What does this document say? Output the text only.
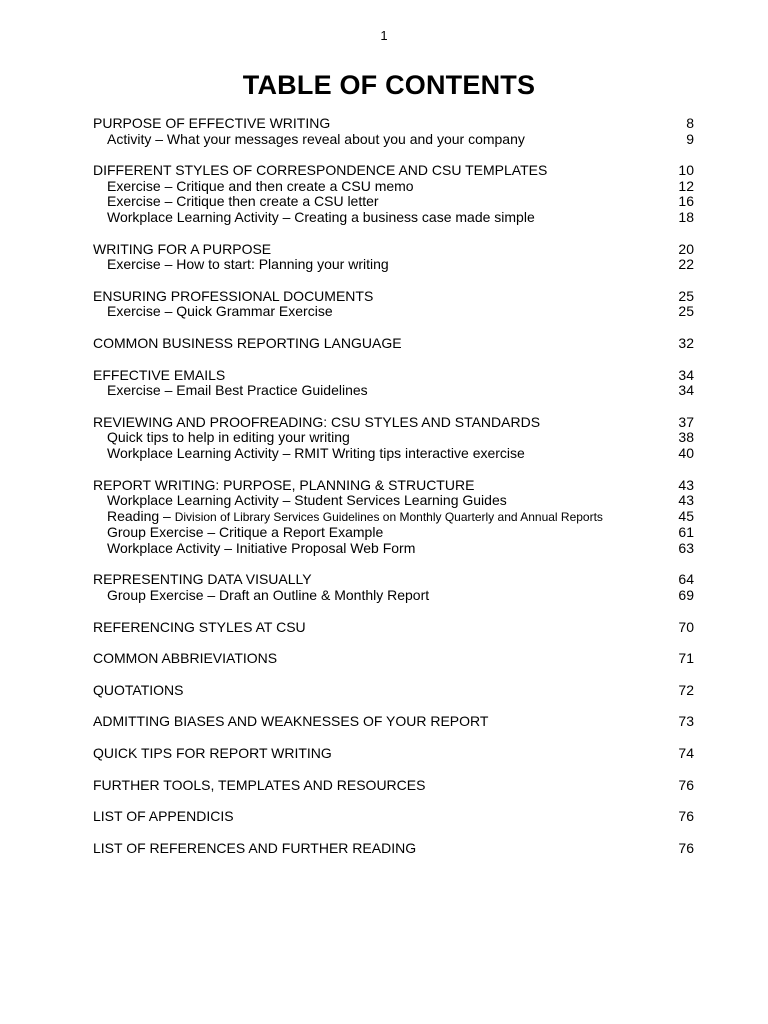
1
TABLE OF CONTENTS
PURPOSE OF EFFECTIVE WRITING	8
Activity – What your messages reveal about you and your company	9
DIFFERENT STYLES OF CORRESPONDENCE AND CSU TEMPLATES	10
Exercise – Critique and then create a CSU memo	12
Exercise – Critique then create a CSU letter	16
Workplace Learning Activity – Creating a business case made simple	18
WRITING FOR A PURPOSE	20
Exercise – How to start: Planning your writing	22
ENSURING PROFESSIONAL DOCUMENTS	25
Exercise – Quick Grammar Exercise	25
COMMON BUSINESS REPORTING LANGUAGE	32
EFFECTIVE EMAILS	34
Exercise – Email Best Practice Guidelines	34
REVIEWING AND PROOFREADING: CSU STYLES AND STANDARDS	37
Quick tips to help in editing your writing	38
Workplace Learning Activity – RMIT Writing tips interactive exercise	40
REPORT WRITING: PURPOSE, PLANNING & STRUCTURE	43
Workplace Learning Activity – Student Services Learning Guides	43
Reading – Division of Library Services Guidelines on Monthly Quarterly and Annual Reports	45
Group Exercise – Critique a Report Example	61
Workplace Activity – Initiative Proposal Web Form	63
REPRESENTING DATA VISUALLY	64
Group Exercise – Draft an Outline & Monthly Report	69
REFERENCING STYLES AT CSU	70
COMMON ABBRIEVIATIONS	71
QUOTATIONS	72
ADMITTING BIASES AND WEAKNESSES OF YOUR REPORT	73
QUICK TIPS FOR REPORT WRITING	74
FURTHER TOOLS, TEMPLATES AND RESOURCES	76
LIST OF APPENDICIS	76
LIST OF REFERENCES AND FURTHER READING	76
